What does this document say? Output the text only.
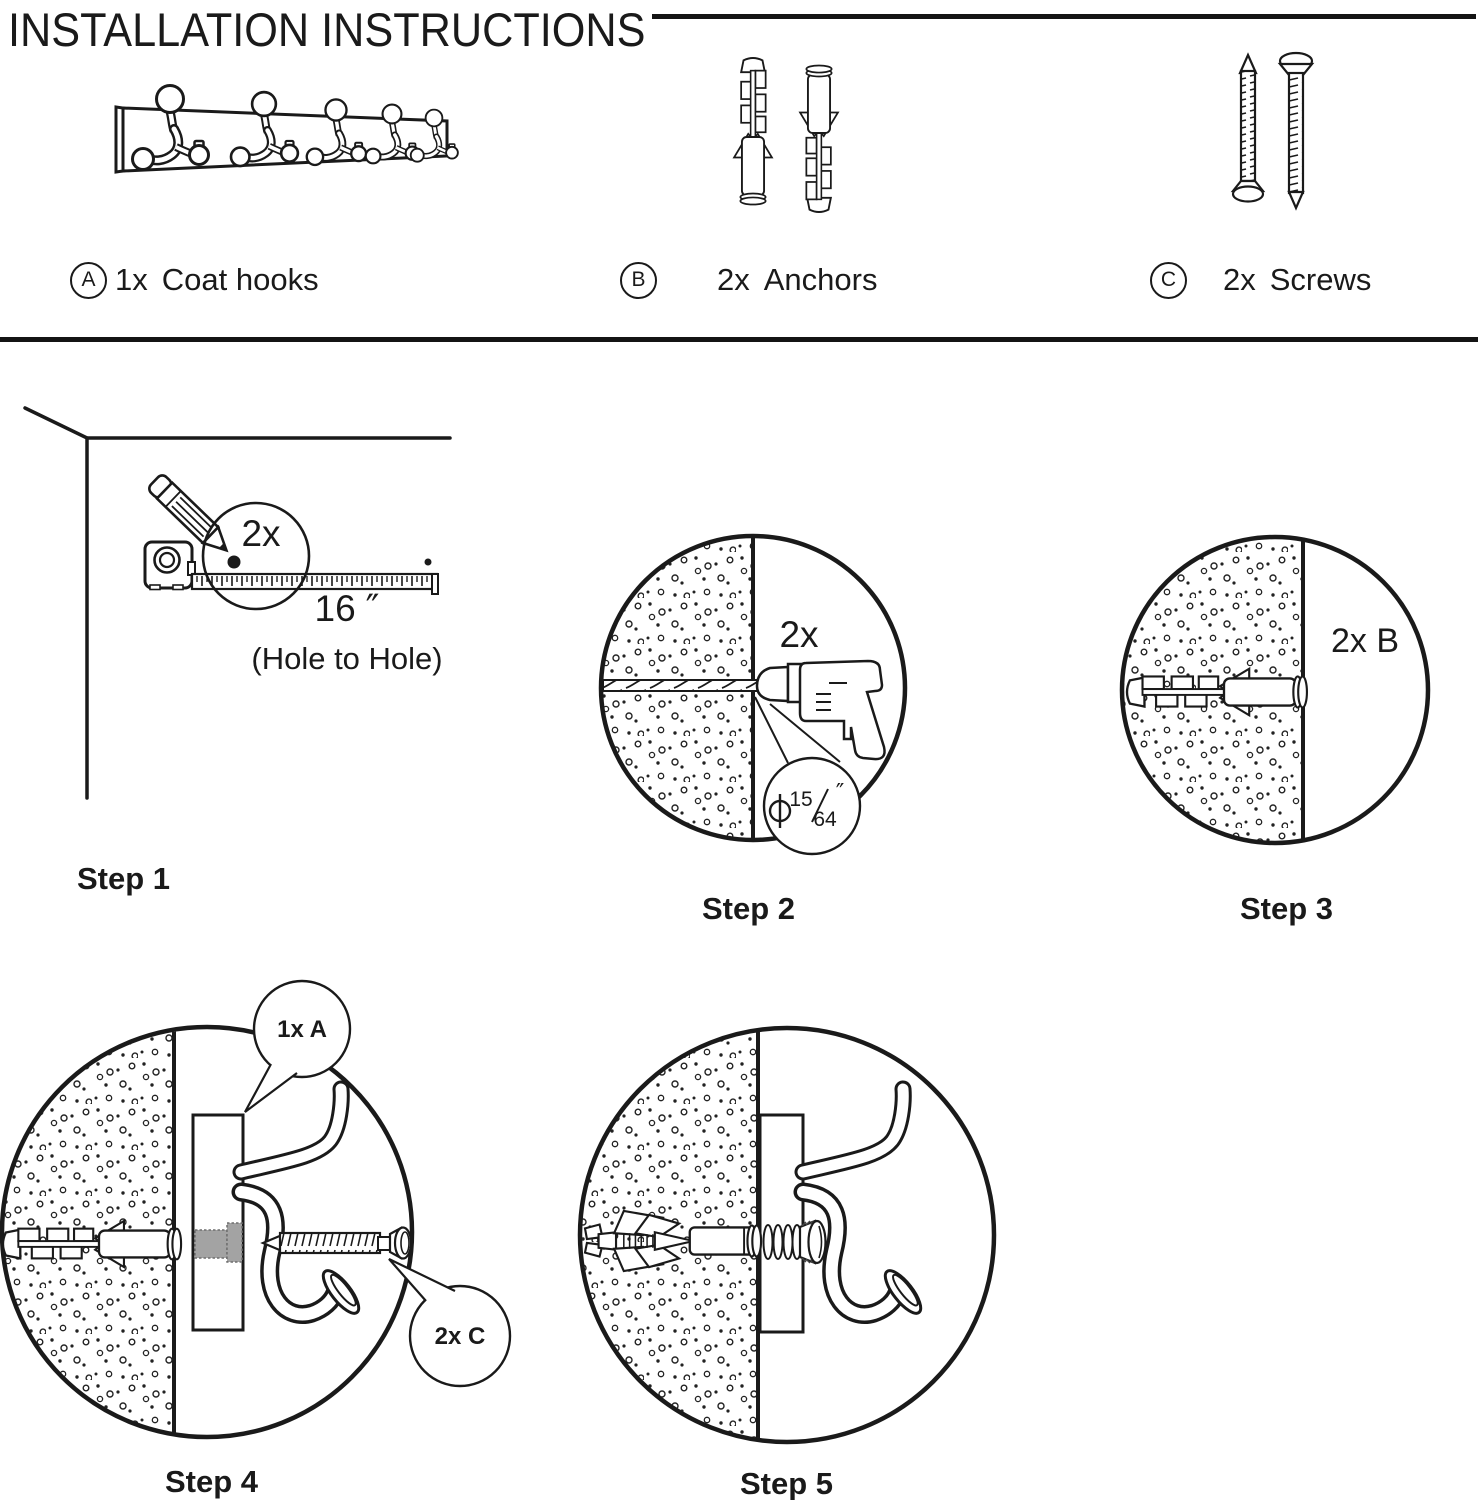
INSTALLATION INSTRUCTIONS
A 1x Coat hooks	B	2x Anchors	C	2x Screws
2x
16 ″
(Hole to Hole)
Step 1
2x
15
64
″
Step 2
2x B
Step 3
1x A
2x C
Step 4	Step 5
